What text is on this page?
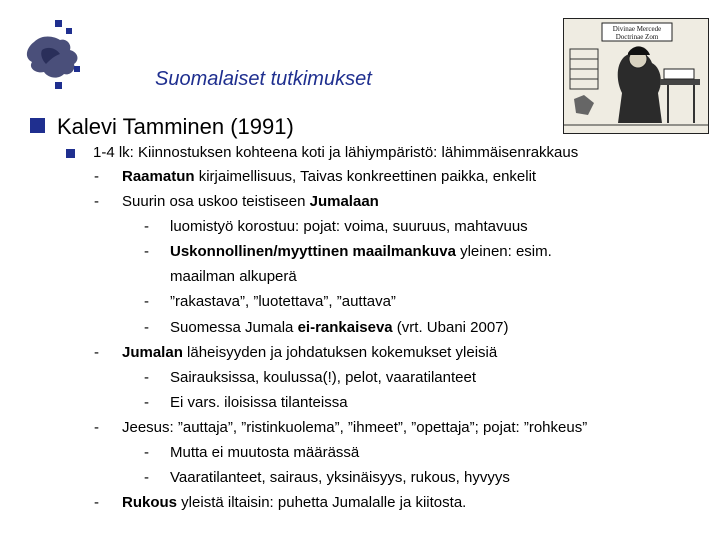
Suomalaiset tutkimukset
Divinae Mercede
Doctrinae Zom
Kalevi Tamminen (1991)
1-4 lk: Kiinnostuksen kohteena koti ja lähiympäristö: lähimmäisenrakkaus
- Raamatun kirjaimellisuus, Taivas konkreettinen paikka, enkelit
- Suurin osa uskoo teistiseen Jumalaan
- luomistyö korostuu: pojat: voima, suuruus, mahtavuus
- Uskonnollinen/myyttinen maailmankuva yleinen: esim.
maailman alkuperä
- ”rakastava”, ”luotettava”, ”auttava”
- Suomessa Jumala ei-rankaiseva (vrt. Ubani 2007)
- Jumalan läheisyyden ja johdatuksen kokemukset yleisiä
- Sairauksissa, koulussa(!), pelot, vaaratilanteet
- Ei vars. iloisissa tilanteissa
- Jeesus: ”auttaja”, ”ristinkuolema”, ”ihmeet”, ”opettaja”; pojat: ”rohkeus”
- Mutta ei muutosta määrässä
- Vaaratilanteet, sairaus, yksinäisyys, rukous, hyvyys
- Rukous yleistä iltaisin: puhetta Jumalalle ja kiitosta.
